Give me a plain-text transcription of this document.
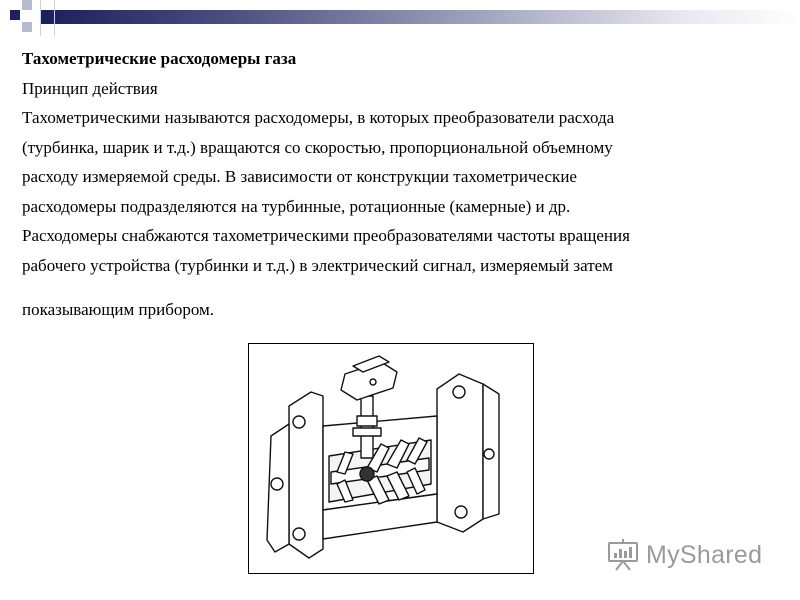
Тахометрические расходомеры газа

Принцип действия

Тахометрическими называются расходомеры, в которых преобразователи расхода

(турбинка, шарик и т.д.) вращаются со скоростью, пропорциональной объемному

расходу измеряемой среды. В зависимости от конструкции тахометрические

расходомеры подразделяются на турбинные, ротационные (камерные) и др.

Расходомеры снабжаются тахометрическими преобразователями частоты вращения

рабочего устройства (турбинки и т.д.) в электрический сигнал, измеряемый затем

показывающим прибором.

MyShared
